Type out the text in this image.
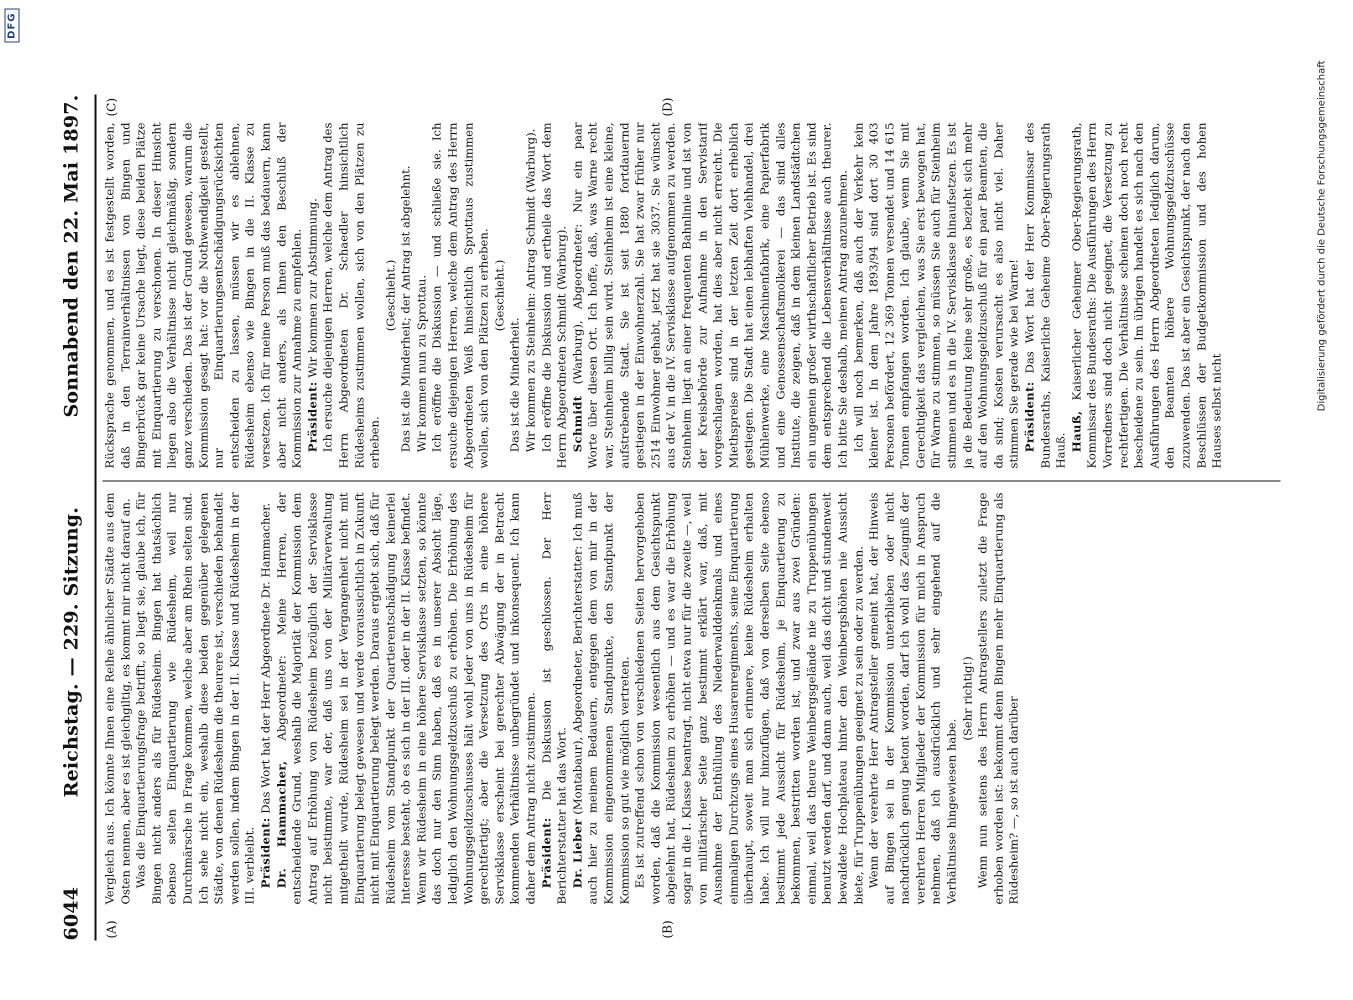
DFG
6044
Reichstag. — 229. Sitzung.
Sonnabend den 22. Mai 1897.
(A)	(B)
(C)	(D)

Vergleich aus. Ich könnte Ihnen eine Reihe ähnlicher Städte aus dem Osten nennen, aber es ist gleichgiltig, es kommt mir nicht darauf an. Was die Einquartierungsfrage betrifft, so liegt sie, glaube ich, für Bingen nicht anders als für Rüdesheim. Bingen hat thatsächlich ebenso selten Einquartierung wie Rüdesheim, weil nur Durchmärsche in Frage kommen, welche aber am Rhein selten sind. Ich sehe nicht ein, weshalb diese beiden gegenüber gelegenen Städte, von denen Rüdesheim die theurere ist, verschieden behandelt werden sollen, indem Bingen in der II. Klasse und Rüdesheim in der III. verbleibt. Präsident: Das Wort hat der Herr Abgeordnete Dr. Hammacher.

Dr. Hammacher, Abgeordneter: Meine Herren, der entscheidende Grund, weshalb die Majorität der Kommission dem Antrag auf Erhöhung von Rüdesheim bezüglich der Servisklasse nicht beistimmte, war der, daß uns von der Militärverwaltung mitgetheilt wurde, Rüdesheim sei in der Vergangenheit nicht mit Einquartierung belegt gewesen und werde voraussichtlich in Zukunft nicht mit Einquartierung belegt werden. Daraus ergiebt sich, daß für Rüdesheim vom Standpunkt der Quartierentschädigung keinerlei Interesse besteht, ob es sich in der III. oder in der II. Klasse befindet. Wenn wir Rüdesheim in eine höhere Servisklasse setzten, so könnte das doch nur den Sinn haben, daß es in unserer Absicht läge, lediglich den Wohnungsgeldzuschuß zu erhöhen. Die Erhöhung des Wohnungsgeldzuschusses hält wohl jeder von uns in Rüdesheim für gerechtfertigt; aber die Versetzung des Orts in eine höhere Servisklasse erscheint bei gerechter Abwägung der in Betracht kommenden Verhältnisse unbegründet und inkonsequent. Ich kann daher dem Antrag nicht zustimmen. Präsident: Die Diskussion ist geschlossen. Der Herr Berichterstatter hat das Wort. Dr. Lieber (Montabaur), Abgeordneter, Berichterstatter: Ich muß auch hier zu meinem Bedauern, entgegen dem von mir in der Kommission eingenommenen Standpunkte, den Standpunkt der Kommission so gut wie möglich vertreten. Es ist zutreffend schon von verschiedenen Seiten hervorgehoben worden, daß die Kommission wesentlich aus dem Gesichtspunkt abgelehnt hat, Rüdesheim zu erhöhen — und es war die Erhöhung sogar in die I. Klasse beantragt, nicht etwa nur für die zweite —, weil von militärischer Seite ganz bestimmt erklärt war, daß, mit Ausnahme der Enthüllung des Niederwalddenkmals und eines einmaligen Durchzugs eines Husarenregiments, seine Einquartierung überhaupt, soweit man sich erinnere, keine Rüdesheim erhalten habe. Ich will nur hinzufügen, daß von derselben Seite ebenso bestimmt jede Aussicht für Rüdesheim, je Einquartierung zu bekommen, bestritten worden ist, und zwar aus zwei Gründen: einmal, weil das theure Weinbergsgelände nie zu Truppenübungen benutzt werden darf, und dann auch, weil das dicht und stundenweit bewaldete Hochplateau hinter den Weinbergshöhen nie Aussicht biete, für Truppenübungen geeignet zu sein oder zu werden. Wenn der verehrte Herr Antragsteller gemeint hat, der Hinweis auf Bingen sei in der Kommission unterblieben oder nicht nachdrücklich genug betont worden, darf ich wohl das Zeugniß der verehrten Herren Mitglieder der Kommission für mich in Anspruch nehmen, daß ich ausdrücklich und sehr eingehend auf die Verhältnisse hingewiesen habe.

(Sehr richtig!) Wenn nun seitens des Herrn Antragstellers zuletzt die Frage erhoben worden ist: bekommt denn Bingen mehr Einquartierung als Rüdesheim? —, so ist auch darüber

Rücksprache genommen, und es ist festgestellt worden, daß in den Terrainverhältnissen von Bingen und Bingerbrück gar keine Ursache liegt, diese beiden Plätze mit Einquartierung zu verschonen. In dieser Hinsicht liegen also die Verhältnisse nicht gleichmäßig, sondern ganz verschieden. Das ist der Grund gewesen, warum die Kommission gesagt hat: vor die Nothwendigkeit gestellt, nur Einquartierungsentschädigungsrücksichten entscheiden zu lassen, müssen wir es ablehnen, Rüdesheim ebenso wie Bingen in die II. Klasse zu versetzen. Ich für meine Person muß das bedauern, kann aber nicht anders, als Ihnen den Beschluß der Kommission zur Annahme zu empfehlen. Präsident: Wir kommen zur Abstimmung. Ich ersuche diejenigen Herren, welche dem Antrag des Herrn Abgeordneten Dr. Schaedler hinsichtlich Rüdesheims zustimmen wollen, sich von den Plätzen zu erheben.

(Geschieht.) Das ist die Minderheit; der Antrag ist abgelehnt. Wir kommen nun zu Sprottau. Ich eröffne die Diskussion — und schließe sie. Ich ersuche diejenigen Herren, welche dem Antrag des Herrn Abgeordneten Weiß hinsichtlich Sprottaus zustimmen wollen, sich von den Plätzen zu erheben. (Geschieht.)

Das ist die Minderheit. Wir kommen zu Steinheim: Antrag Schmidt (Warburg). Ich eröffne die Diskussion und ertheile das Wort dem Herrn Abgeordneten Schmidt (Warburg). Schmidt (Warburg), Abgeordneter: Nur ein paar Worte über diesen Ort. Ich hoffe, daß, was Warne recht war, Steinheim billig sein wird. Steinheim ist eine kleine, aufstrebende Stadt. Sie ist seit 1880 fortdauernd gestiegen in der Einwohnerzahl. Sie hat zwar früher nur 2514 Einwohner gehabt, jetzt hat sie 3037. Sie wünscht aus der V. in die IV. Servisklasse aufgenommen zu werden. Steinheim liegt an einer frequenten Bahnlinie und ist von der Kreisbehörde zur Aufnahme in den Servistarif vorgeschlagen worden, hat dies aber nicht erreicht. Die Miethspreise sind in der letzten Zeit dort erheblich gestiegen. Die Stadt hat einen lebhaften Viehhandel, drei Mühlenwerke, eine Maschinenfabrik, eine Papierfabrik und eine Genossenschaftsmolkerei — das sind alles Institute, die zeigen, daß in dem kleinen Landstädtchen ein ungemein großer wirthschaftlicher Betrieb ist. Es sind dem entsprechend die Lebensverhältnisse auch theurer. Ich bitte Sie deshalb, meinen Antrag anzunehmen. Ich will noch bemerken, daß auch der Verkehr kein kleiner ist. In dem Jahre 1893/94 sind dort 30 403 Personen befördert, 12 369 Tonnen versendet und 14 615 Tonnen empfangen worden. Ich glaube, wenn Sie mit Gerechtigkeit das vergleichen, was Sie erst bewogen hat, für Warne zu stimmen, so müssen Sie auch für Steinheim stimmen und es in die IV. Servisklasse hinaufsetzen. Es ist ja die Bedeutung keine sehr große, es bezieht sich mehr auf den Wohnungsgeldzuschuß für ein paar Beamten, die da sind; Kosten verursacht es also nicht viel. Daher stimmen Sie gerade wie bei Warne! Präsident: Das Wort hat der Herr Kommissar des Bundesraths, Kaiserliche Geheime Ober-Regierungsrath Hauß. Hauß, Kaiserlicher Geheimer Ober-Regierungsrath, Kommissar des Bundesraths: Die Ausführungen des Herrn Vorredners sind doch nicht geeignet, die Versetzung zu rechtfertigen. Die Verhältnisse scheinen doch noch recht bescheidene zu sein. Im übrigen handelt es sich nach den Ausführungen des Herrn Abgeordneten lediglich darum, den Beamten höhere Wohnungsgeldzuschüsse zuzuwenden. Das ist aber ein Gesichtspunkt, der nach den Beschlüssen der Budgetkommission und des hohen Hauses selbst nicht	Digitalisierung gefördert durch die Deutsche Forschungsgemeinschaft
